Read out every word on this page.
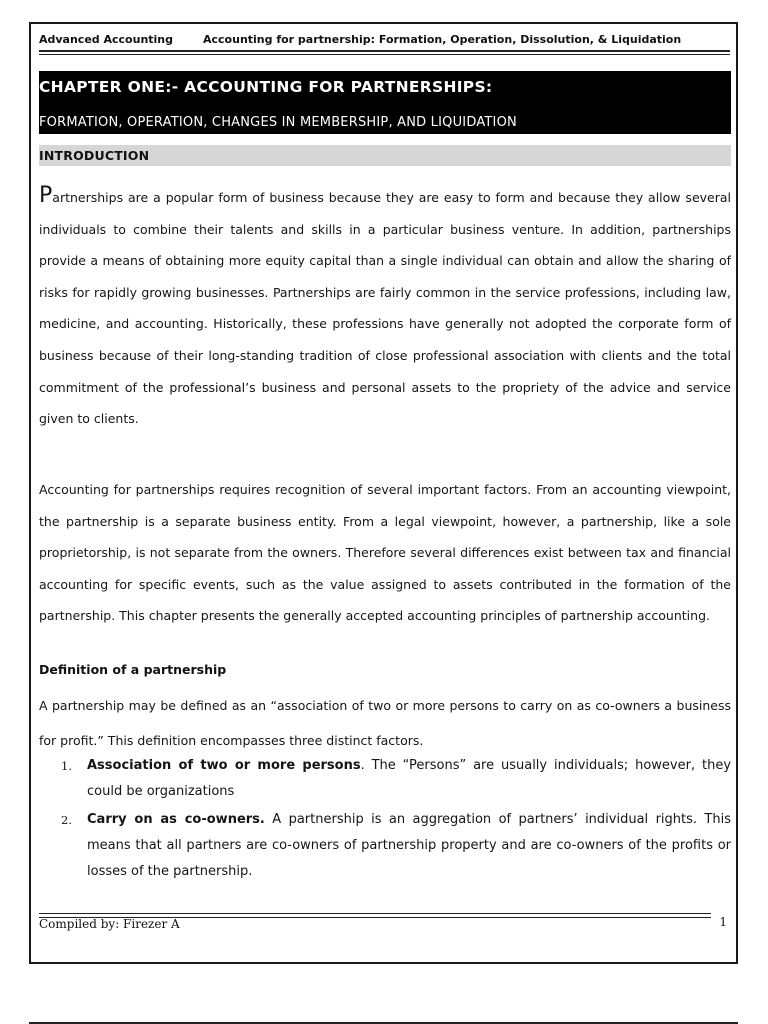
Advanced Accounting	Accounting for partnership: Formation, Operation, Dissolution, & Liquidation
CHAPTER ONE:- ACCOUNTING FOR PARTNERSHIPS:
FORMATION, OPERATION, CHANGES IN MEMBERSHIP, AND LIQUIDATION
INTRODUCTION
Partnerships are a popular form of business because they are easy to form and because they allow several individuals to combine their talents and skills in a particular business venture. In addition, partnerships provide a means of obtaining more equity capital than a single individual can obtain and allow the sharing of risks for rapidly growing businesses. Partnerships are fairly common in the service professions, including law, medicine, and accounting. Historically, these professions have generally not adopted the corporate form of business because of their long-standing tradition of close professional association with clients and the total commitment of the professional’s business and personal assets to the propriety of the advice and service given to clients.
Accounting for partnerships requires recognition of several important factors. From an accounting viewpoint, the partnership is a separate business entity. From a legal viewpoint, however, a partnership, like a sole proprietorship, is not separate from the owners. Therefore several differences exist between tax and financial accounting for specific events, such as the value assigned to assets contributed in the formation of the partnership. This chapter presents the generally accepted accounting principles of partnership accounting.
Definition of a partnership
A partnership may be defined as an “association of two or more persons to carry on as co-owners a business for profit.” This definition encompasses three distinct factors.
1. Association of two or more persons. The “Persons” are usually individuals; however, they could be organizations
2. Carry on as co-owners. A partnership is an aggregation of partners’ individual rights. This means that all partners are co-owners of partnership property and are co-owners of the profits or losses of the partnership.
Compiled by: Firezer A	1
